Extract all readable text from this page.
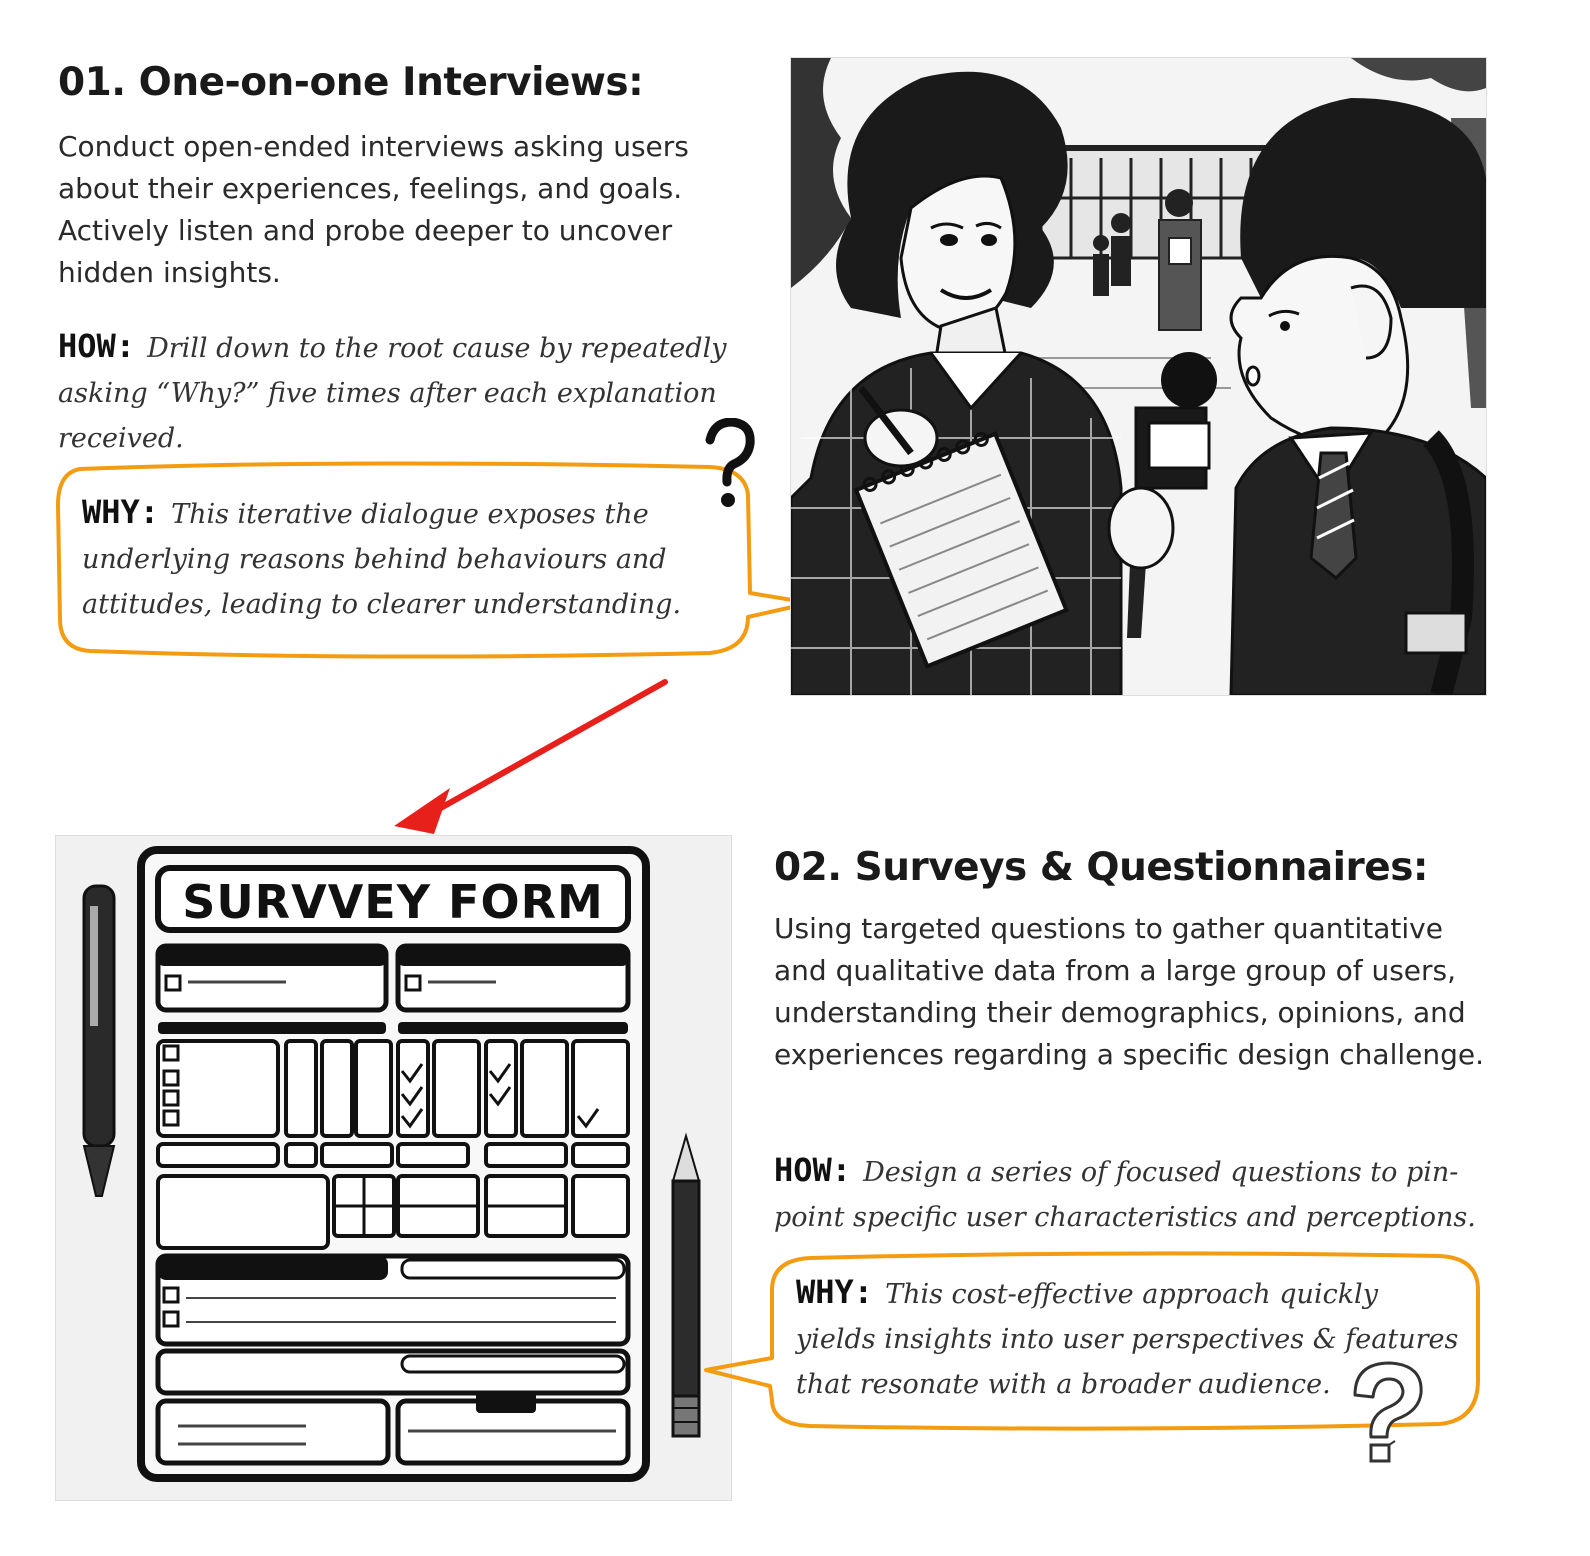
01. One-on-one Interviews:

Conduct open-ended interviews asking users about their experiences, feelings, and goals. Actively listen and probe deeper to uncover hidden insights.

HOW: Drill down to the root cause by repeatedly asking “Why?” five times after each explanation received.

WHY: This iterative dialogue exposes the underlying reasons behind behaviours and attitudes, leading to clearer understanding.

SURVVEY FORM
02. Surveys & Questionnaires:

Using targeted questions to gather quantitative and qualitative data from a large group of users, understanding their demographics, opinions, and experiences regarding a specific design challenge.

HOW: Design a series of focused questions to pin-point specific user characteristics and perceptions.

WHY: This cost-effective approach quickly yields insights into user perspectives & features that resonate with a broader audience.
